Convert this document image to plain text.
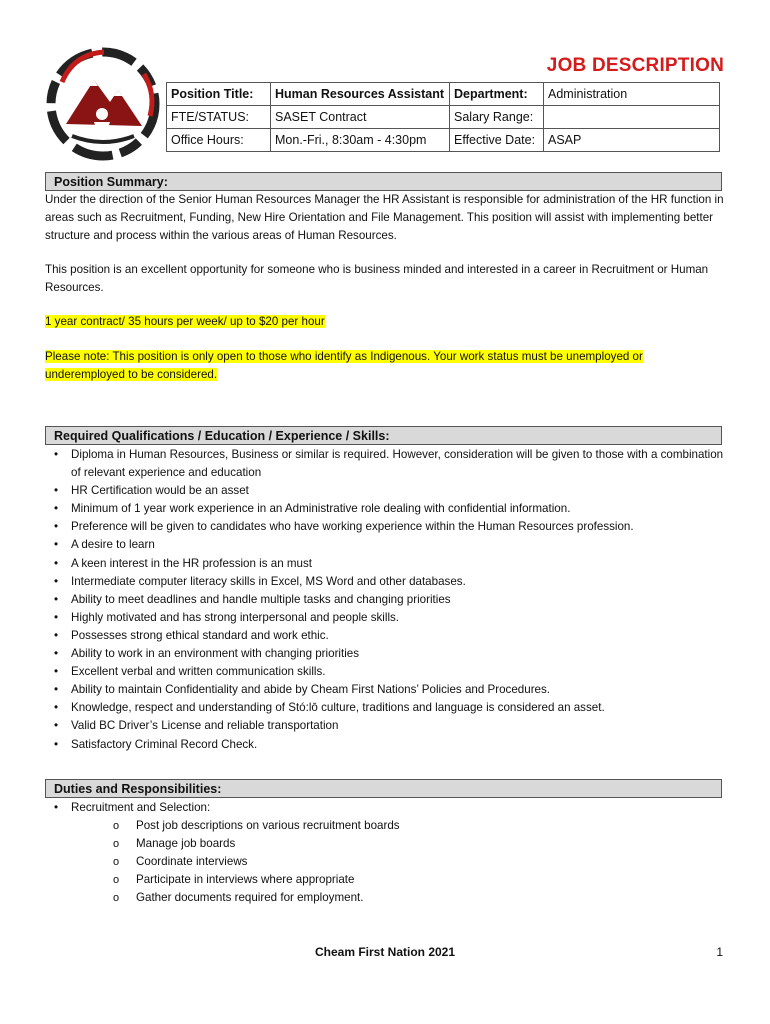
JOB DESCRIPTION
Position Title:	Human Resources Assistant	Department:	Administration
FTE/STATUS:	SASET Contract	Salary Range:	
Office Hours:	Mon.-Fri., 8:30am - 4:30pm	Effective Date:	ASAP
Position Summary:

Under the direction of the Senior Human Resources Manager the HR Assistant is responsible for administration of the HR function in areas such as Recruitment, Funding, New Hire Orientation and File Management. This position will assist with implementing better structure and process within the various areas of Human Resources.

This position is an excellent opportunity for someone who is business minded and interested in a career in Recruitment or Human Resources.

1 year contract/ 35 hours per week/ up to $20 per hour

Please note: This position is only open to those who identify as Indigenous. Your work status must be unemployed or underemployed to be considered.

Required Qualifications / Education / Experience / Skills:
• Diploma in Human Resources, Business or similar is required. However, consideration will be given to those with a combination of relevant experience and education
• HR Certification would be an asset
• Minimum of 1 year work experience in an Administrative role dealing with confidential information.
• Preference will be given to candidates who have working experience within the Human Resources profession.
• A desire to learn
• A keen interest in the HR profession is an must
• Intermediate computer literacy skills in Excel, MS Word and other databases.
• Ability to meet deadlines and handle multiple tasks and changing priorities
• Highly motivated and has strong interpersonal and people skills.
• Possesses strong ethical standard and work ethic.
• Ability to work in an environment with changing priorities
• Excellent verbal and written communication skills.
• Ability to maintain Confidentiality and abide by Cheam First Nations’ Policies and Procedures.
• Knowledge, respect and understanding of Stó:lō culture, traditions and language is considered an asset.
• Valid BC Driver’s License and reliable transportation
• Satisfactory Criminal Record Check.
Duties and Responsibilities:
• Recruitment and Selection:
o Post job descriptions on various recruitment boards
o Manage job boards
o Coordinate interviews
o Participate in interviews where appropriate
o Gather documents required for employment.
Cheam First Nation 2021	1
